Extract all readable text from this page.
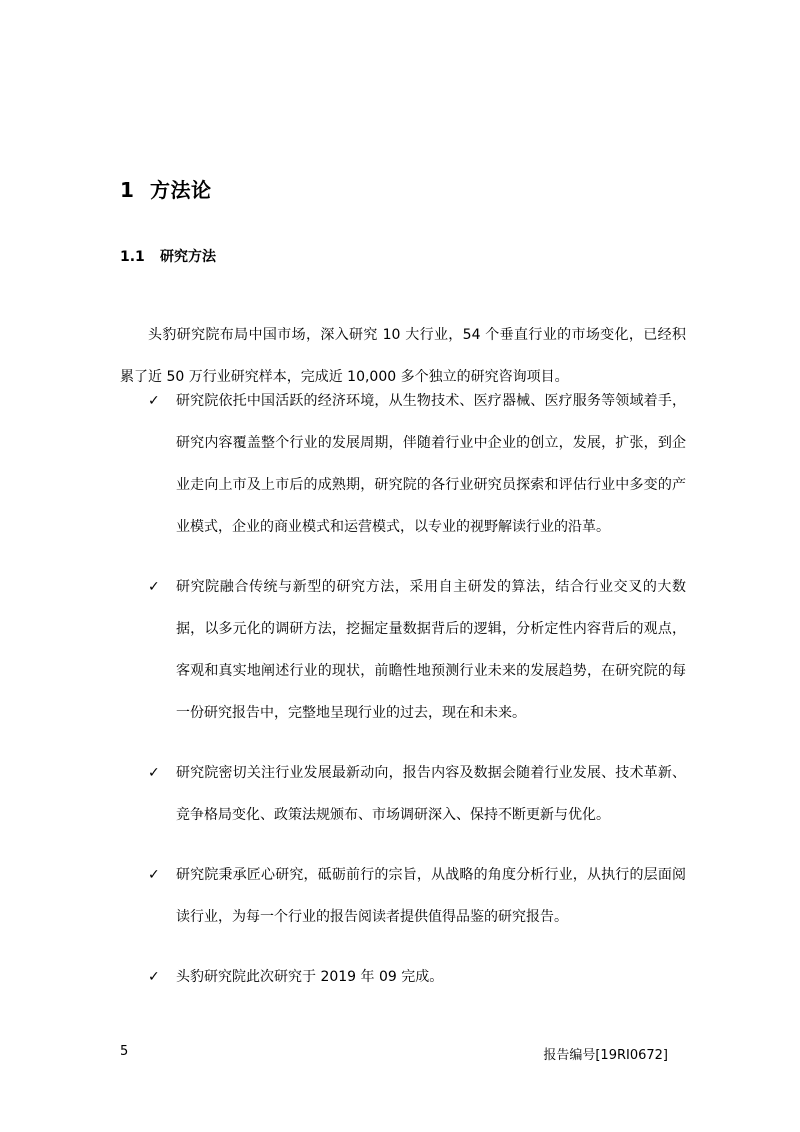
1 方法论
1.1 研究方法

头豹研究院布局中国市场，深入研究 10 大行业，54 个垂直行业的市场变化，已经积累了近 50 万行业研究样本，完成近 10,000 多个独立的研究咨询项目。

✓	研究院依托中国活跃的经济环境，从生物技术、医疗器械、医疗服务等领域着手，研究内容覆盖整个行业的发展周期，伴随着行业中企业的创立，发展，扩张，到企业走向上市及上市后的成熟期，研究院的各行业研究员探索和评估行业中多变的产业模式，企业的商业模式和运营模式，以专业的视野解读行业的沿革。
✓	研究院融合传统与新型的研究方法，采用自主研发的算法，结合行业交叉的大数据，以多元化的调研方法，挖掘定量数据背后的逻辑，分析定性内容背后的观点，客观和真实地阐述行业的现状，前瞻性地预测行业未来的发展趋势，在研究院的每一份研究报告中，完整地呈现行业的过去，现在和未来。
✓	研究院密切关注行业发展最新动向，报告内容及数据会随着行业发展、技术革新、竞争格局变化、政策法规颁布、市场调研深入、保持不断更新与优化。
✓	研究院秉承匠心研究，砥砺前行的宗旨，从战略的角度分析行业，从执行的层面阅读行业，为每一个行业的报告阅读者提供值得品鉴的研究报告。
✓	头豹研究院此次研究于 2019 年 09 完成。
5	报告编号[19RI0672]
